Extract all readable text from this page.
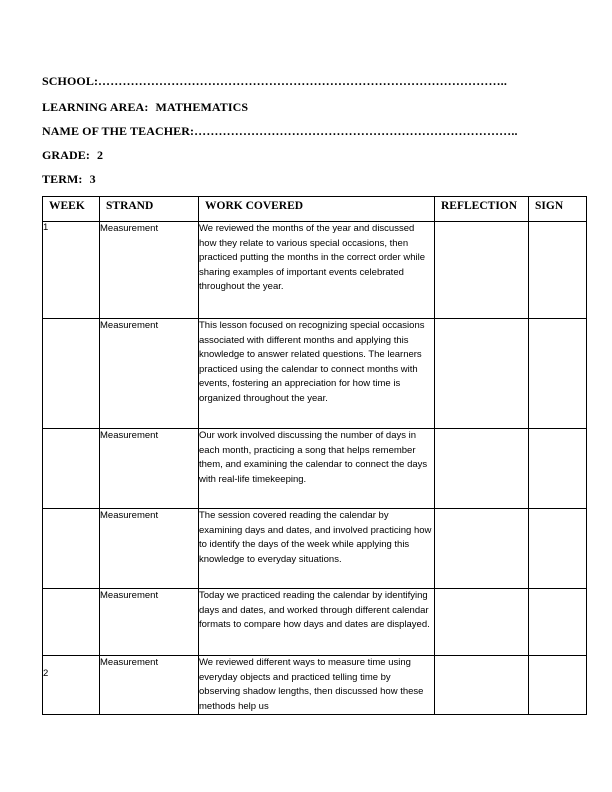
SCHOOL:………………………………………………………………………………………..
LEARNING AREA: MATHEMATICS
NAME OF THE TEACHER:……………………………………………………………………..
GRADE: 2
TERM: 3
WEEK	STRAND	WORK COVERED	REFLECTION	SIGN
1	Measurement	We reviewed the months of the year and discussed how they relate to various special occasions, then practiced putting the months in the correct order while sharing examples of important events celebrated throughout the year.		
	Measurement	This lesson focused on recognizing special occasions associated with different months and applying this knowledge to answer related questions. The learners practiced using the calendar to connect months with events, fostering an appreciation for how time is organized throughout the year.		
	Measurement	Our work involved discussing the number of days in each month, practicing a song that helps remember them, and examining the calendar to connect the days with real-life timekeeping.		
	Measurement	The session covered reading the calendar by examining days and dates, and involved practicing how to identify the days of the week while applying this knowledge to everyday situations.		
	Measurement	Today we practiced reading the calendar by identifying days and dates, and worked through different calendar formats to compare how days and dates are displayed.		
2	Measurement	We reviewed different ways to measure time using everyday objects and practiced telling time by observing shadow lengths, then discussed how these methods help us		
